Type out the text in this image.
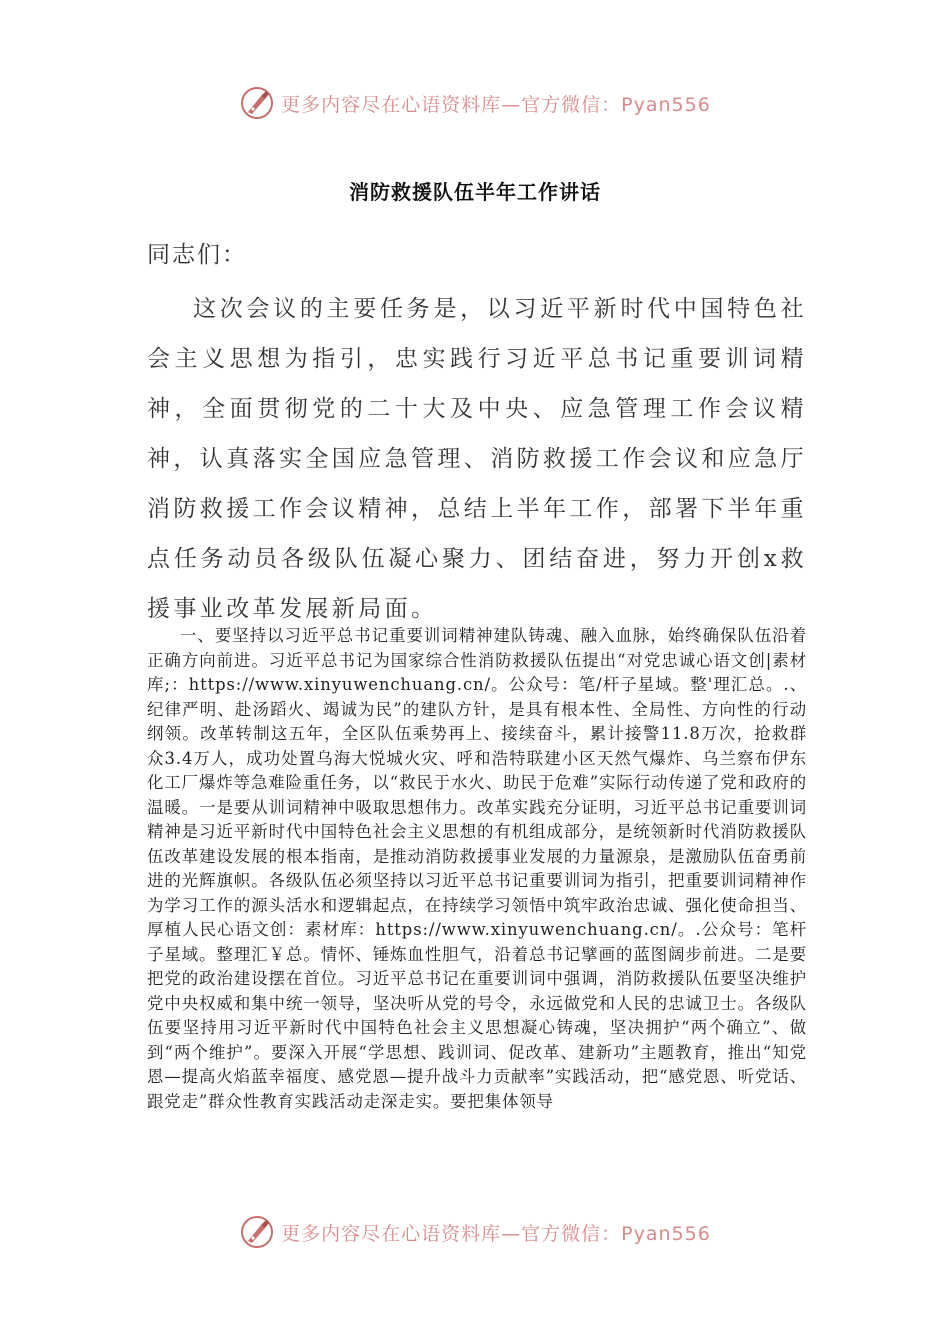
更多内容尽在心语资料库—官方微信：Pyan556
消防救援队伍半年工作讲话
同志们：

这次会议的主要任务是，以习近平新时代中国特色社会主义思想为指引，忠实践行习近平总书记重要训词精神，全面贯彻党的二十大及中央、应急管理工作会议精神，认真落实全国应急管理、消防救援工作会议和应急厅消防救援工作会议精神，总结上半年工作，部署下半年重点任务动员各级队伍凝心聚力、团结奋进，努力开创x救援事业改革发展新局面。

一、要坚持以习近平总书记重要训词精神建队铸魂、融入血脉，始终确保队伍沿着正确方向前进。习近平总书记为国家综合性消防救援队伍提出“对党忠诚心语文创|素材库;：https://www.xinyuwenchuang.cn/。公众号：笔/杆子星域。整'理汇总。.、纪律严明、赴汤蹈火、竭诚为民”的建队方针，是具有根本性、全局性、方向性的行动纲领。改革转制这五年，全区队伍乘势再上、接续奋斗，累计接警11.8万次，抢救群众3.4万人，成功处置乌海大悦城火灾、呼和浩特联建小区天然气爆炸、乌兰察布伊东化工厂爆炸等急难险重任务，以“救民于水火、助民于危难”实际行动传递了党和政府的温暖。一是要从训词精神中吸取思想伟力。改革实践充分证明，习近平总书记重要训词精神是习近平新时代中国特色社会主义思想的有机组成部分，是统领新时代消防救援队伍改革建设发展的根本指南，是推动消防救援事业发展的力量源泉，是激励队伍奋勇前进的光辉旗帜。各级队伍必须坚持以习近平总书记重要训词为指引，把重要训词精神作为学习工作的源头活水和逻辑起点，在持续学习领悟中筑牢政治忠诚、强化使命担当、厚植人民心语文创：素材库：https://www.xinyuwenchuang.cn/。.公众号：笔杆子星域。整理汇￥总。情怀、锤炼血性胆气，沿着总书记擘画的蓝图阔步前进。二是要把党的政治建设摆在首位。习近平总书记在重要训词中强调，消防救援队伍要坚决维护党中央权威和集中统一领导，坚决听从党的号令，永远做党和人民的忠诚卫士。各级队伍要坚持用习近平新时代中国特色社会主义思想凝心铸魂，坚决拥护“两个确立”、做到“两个维护”。要深入开展“学思想、践训词、促改革、建新功”主题教育，推出“知党恩—提高火焰蓝幸福度、感党恩—提升战斗力贡献率”实践活动，把“感党恩、听党话、跟党走”群众性教育实践活动走深走实。要把集体领导

更多内容尽在心语资料库—官方微信：Pyan556
